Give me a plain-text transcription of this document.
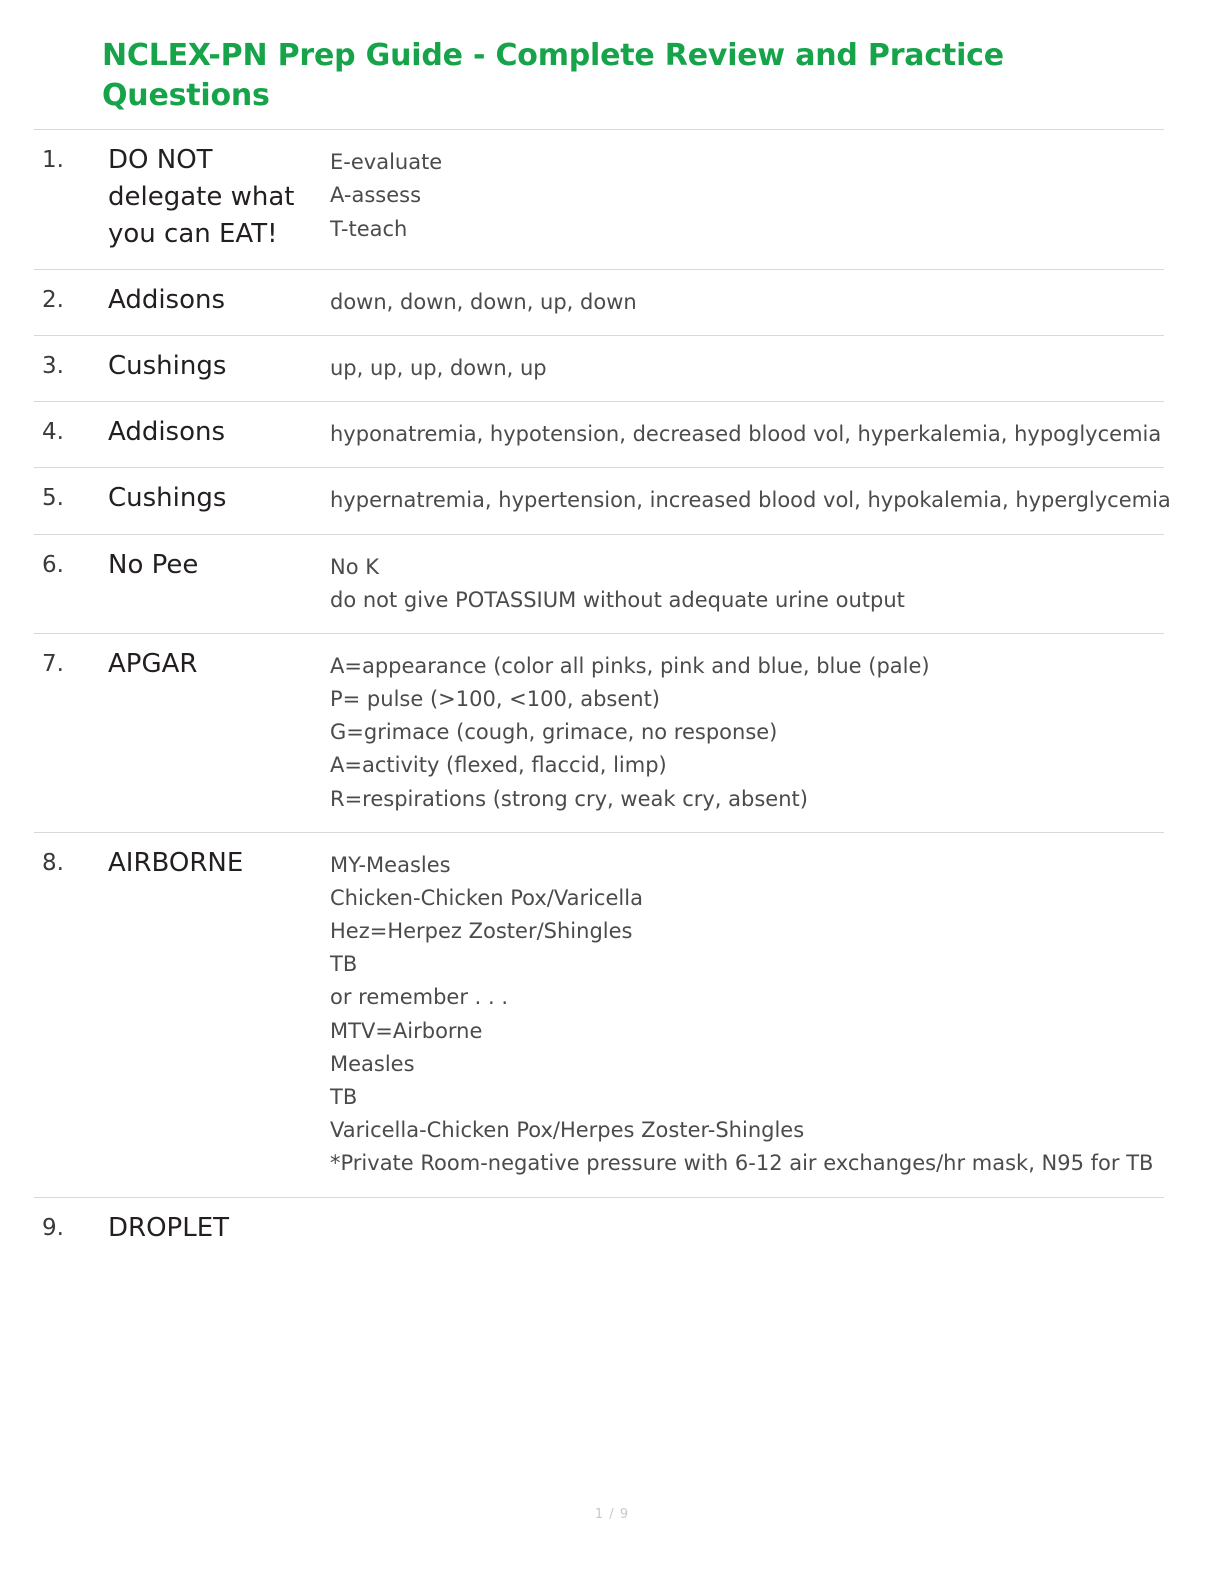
NCLEX-PN Prep Guide - Complete Review and Practice Questions
1.	DO NOT delegate what you can EAT!	E-evaluate
A-assess
T-teach

2.	Addisons	down, down, down, up, down

3.	Cushings	up, up, up, down, up

4.	Addisons	hyponatremia, hypotension, decreased blood vol, hyperkalemia, hypoglycemia

5.	Cushings	hypernatremia, hypertension, increased blood vol, hypokalemia, hyperglycemia

6.	No Pee	No K
do not give POTASSIUM without adequate urine output

7.	APGAR	A=appearance (color all pinks, pink and blue, blue (pale)
P= pulse (>100, <100, absent)
G=grimace (cough, grimace, no response)
A=activity (flexed, flaccid, limp)
R=respirations (strong cry, weak cry, absent)

8.	AIRBORNE	MY-Measles
Chicken-Chicken Pox/Varicella
Hez=Herpez Zoster/Shingles
TB
or remember . . .
MTV=Airborne
Measles
TB
Varicella-Chicken Pox/Herpes Zoster-Shingles
*Private Room-negative pressure with 6-12 air exchanges/hr mask, N95 for TB

9.	DROPLET	
1 / 9
